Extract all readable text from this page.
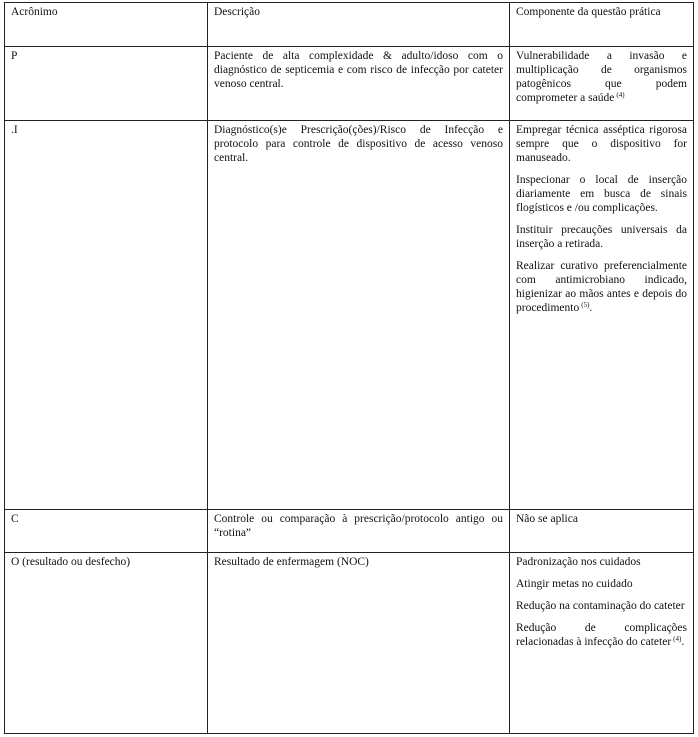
Acrônimo	Descrição	Componente da questão prática
P	Paciente de alta complexidade & adulto/idoso com o diagnóstico de septicemia e com risco de infecção por cateter venoso central.	Vulnerabilidade a invasão e multiplicação de organismos patogênicos que podem comprometer a saúde $^{(4)}$

.I	Diagnóstico(s)e Prescrição(ções)/Risco de Infecção e protocolo para controle de dispositivo de acesso venoso central.	Empregar técnica asséptica rigorosa sempre que o dispositivo for manuseado.

Inspecionar o local de inserção diariamente em busca de sinais flogísticos e /ou complicações.

Instituir precauções universais da inserção a retirada.

Realizar curativo preferencialmente com antimicrobiano indicado, higienizar ao mãos antes e depois do procedimento $^{(5)}$.

C	Controle ou comparação à prescrição/protocolo antigo ou “rotina”	Não se aplica

O (resultado ou desfecho)	Resultado de enfermagem (NOC)	Padronização nos cuidados

Atingir metas no cuidado

Redução na contaminação do cateter

Redução de complicações relacionadas à infecção do cateter $^{(4)}$.
